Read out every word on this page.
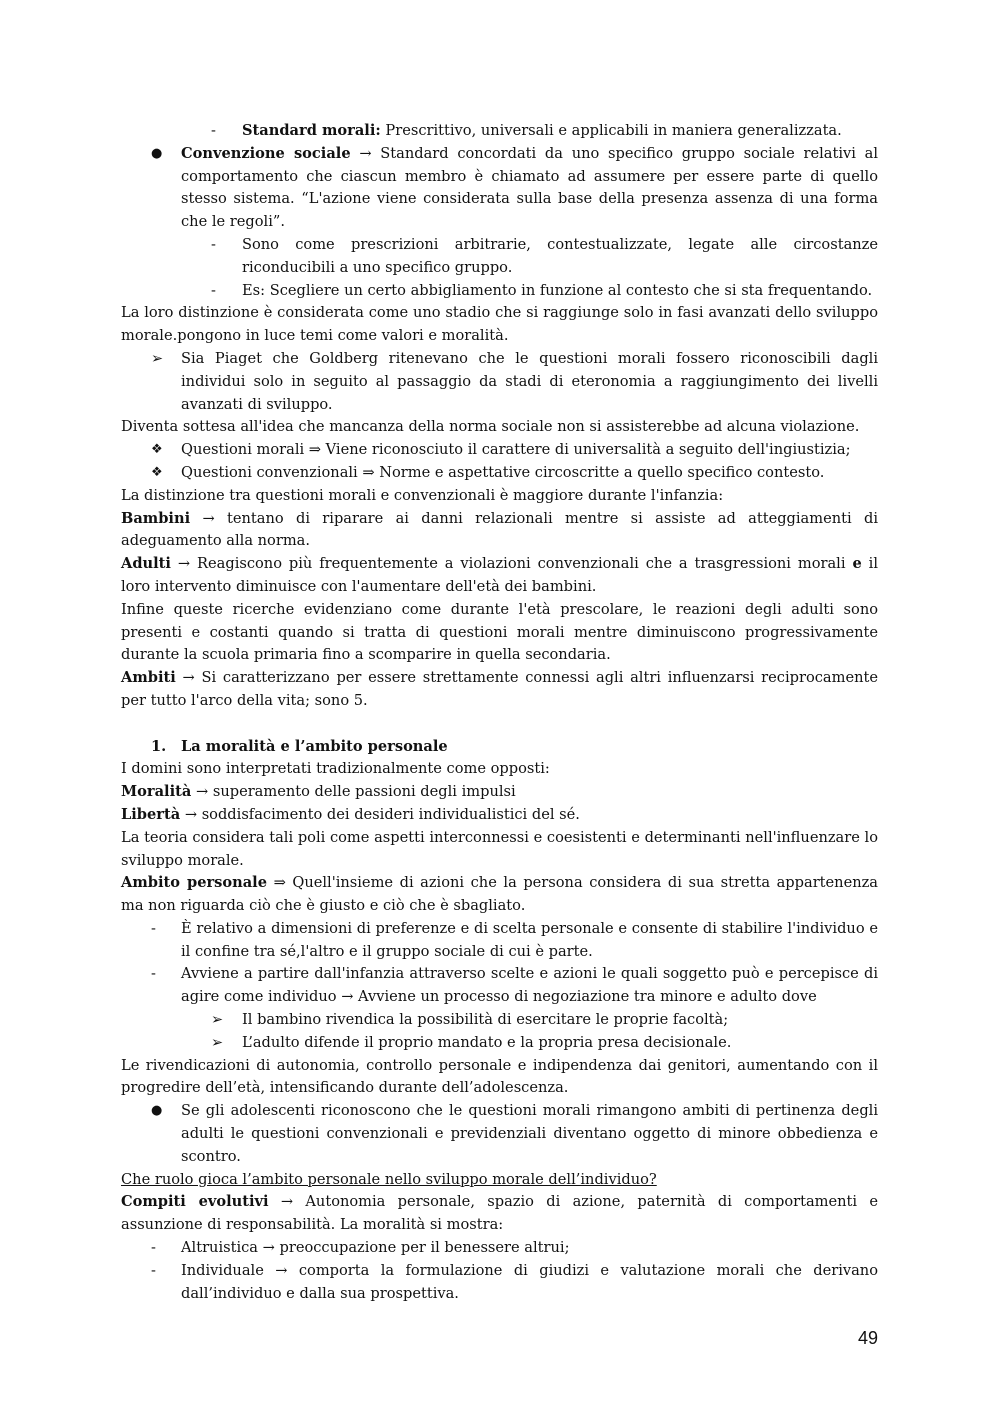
- Standard morali: Prescrittivo, universali e applicabili in maniera generalizzata.
● Convenzione sociale → Standard concordati da uno specifico gruppo sociale relativi al comportamento che ciascun membro è chiamato ad assumere per essere parte di quello stesso sistema. “L'azione viene considerata sulla base della presenza assenza di una forma che le regoli”.
- Sono come prescrizioni arbitrarie, contestualizzate, legate alle circostanze riconducibili a uno specifico gruppo.
- Es: Scegliere un certo abbigliamento in funzione al contesto che si sta frequentando.

La loro distinzione è considerata come uno stadio che si raggiunge solo in fasi avanzati dello sviluppo morale.pongono in luce temi come valori e moralità.

➢ Sia Piaget che Goldberg ritenevano che le questioni morali fossero riconoscibili dagli individui solo in seguito al passaggio da stadi di eteronomia a raggiungimento dei livelli avanzati di sviluppo.

Diventa sottesa all'idea che mancanza della norma sociale non si assisterebbe ad alcuna violazione.

❖ Questioni morali ⇒ Viene riconosciuto il carattere di universalità a seguito dell'ingiustizia;
❖ Questioni convenzionali ⇒ Norme e aspettative circoscritte a quello specifico contesto.

La distinzione tra questioni morali e convenzionali è maggiore durante l'infanzia:

Bambini → tentano di riparare ai danni relazionali mentre si assiste ad atteggiamenti di adeguamento alla norma.

Adulti → Reagiscono più frequentemente a violazioni convenzionali che a trasgressioni morali e il loro intervento diminuisce con l'aumentare dell'età dei bambini.

Infine queste ricerche evidenziano come durante l'età prescolare, le reazioni degli adulti sono presenti e costanti quando si tratta di questioni morali mentre diminuiscono progressivamente durante la scuola primaria fino a scomparire in quella secondaria.

Ambiti → Si caratterizzano per essere strettamente connessi agli altri influenzarsi reciprocamente per tutto l'arco della vita; sono 5.

1. La moralità e l’ambito personale

I domini sono interpretati tradizionalmente come opposti:

Moralità → superamento delle passioni degli impulsi

Libertà → soddisfacimento dei desideri individualistici del sé.

La teoria considera tali poli come aspetti interconnessi e coesistenti e determinanti nell'influenzare lo sviluppo morale.

Ambito personale ⇒ Quell'insieme di azioni che la persona considera di sua stretta appartenenza ma non riguarda ciò che è giusto e ciò che è sbagliato.

- È relativo a dimensioni di preferenze e di scelta personale e consente di stabilire l'individuo e il confine tra sé,l'altro e il gruppo sociale di cui è parte.
- Avviene a partire dall'infanzia attraverso scelte e azioni le quali soggetto può e percepisce di agire come individuo → Avviene un processo di negoziazione tra minore e adulto dove
➢ Il bambino rivendica la possibilità di esercitare le proprie facoltà;
➢ L’adulto difende il proprio mandato e la propria presa decisionale.

Le rivendicazioni di autonomia, controllo personale e indipendenza dai genitori, aumentando con il progredire dell’età, intensificando durante dell’adolescenza.

● Se gli adolescenti riconoscono che le questioni morali rimangono ambiti di pertinenza degli adulti le questioni convenzionali e previdenziali diventano oggetto di minore obbedienza e scontro.

Che ruolo gioca l’ambito personale nello sviluppo morale dell’individuo?

Compiti evolutivi → Autonomia personale, spazio di azione, paternità di comportamenti e assunzione di responsabilità. La moralità si mostra:

- Altruistica → preoccupazione per il benessere altrui;
- Individuale → comporta la formulazione di giudizi e valutazione morali che derivano dall’individuo e dalla sua prospettiva.
49
